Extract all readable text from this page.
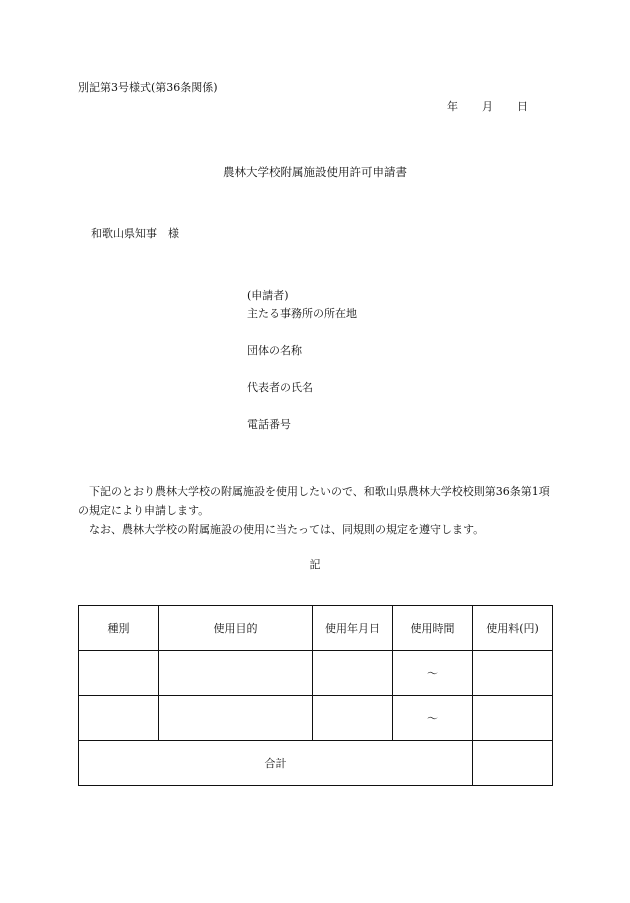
別記第3号様式(第36条関係)
年 月 日
農林大学校附属施設使用許可申請書
和歌山県知事　様
(申請者)
主たる事務所の所在地
団体の名称
代表者の氏名
電話番号

　下記のとおり農林大学校の附属施設を使用したいので、和歌山県農林大学校校則第36条第1項の規定により申請します。

　なお、農林大学校の附属施設の使用に当たっては、同規則の規定を遵守します。

記
種別	使用目的	使用年月日	使用時間	使用料(円)
			～	
			～	
合計				
